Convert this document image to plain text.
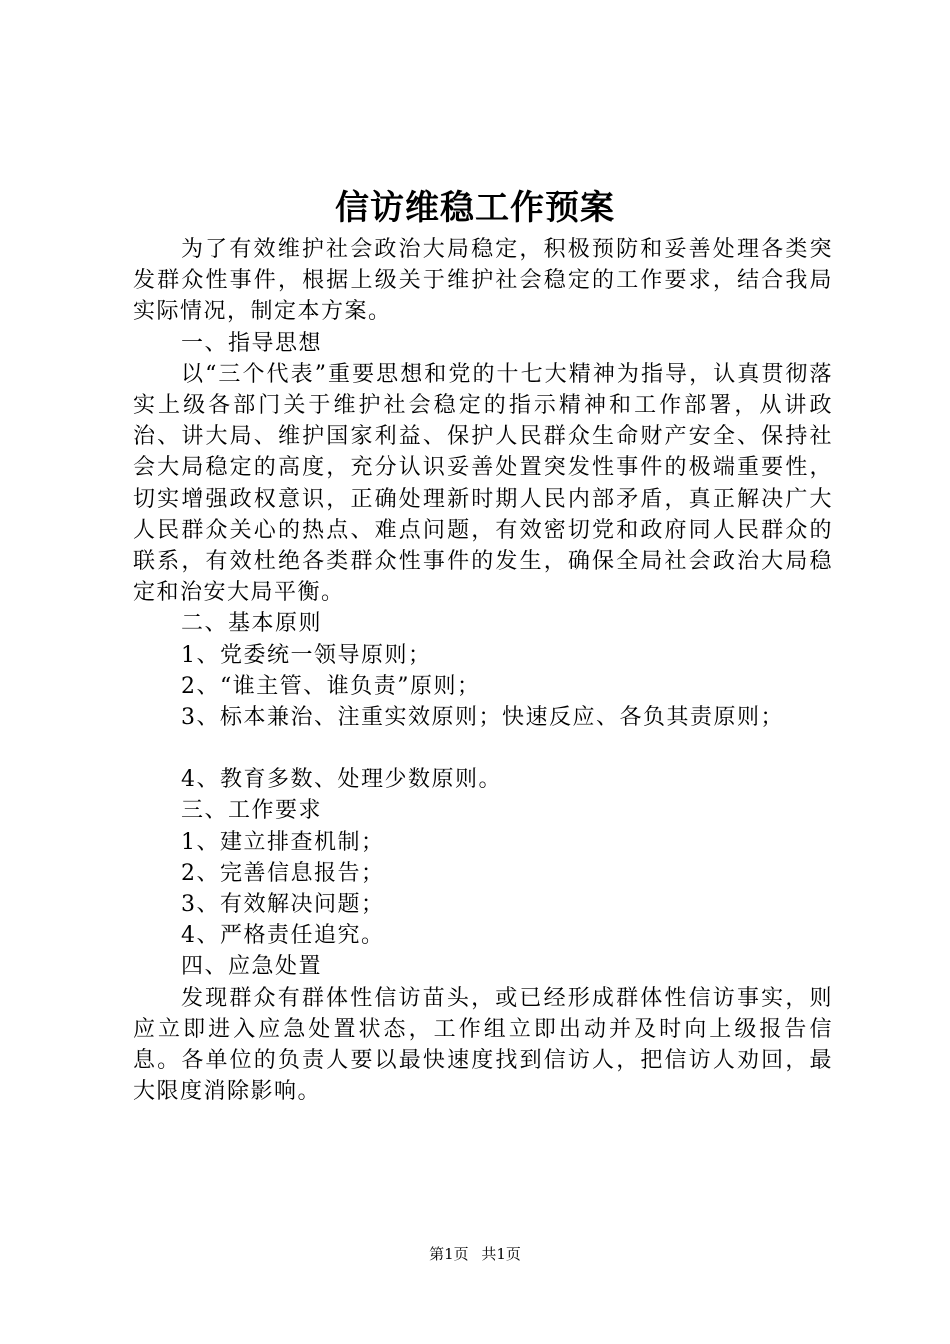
信访维稳工作预案

为了有效维护社会政治大局稳定，积极预防和妥善处理各类突发群众性事件，根据上级关于维护社会稳定的工作要求，结合我局实际情况，制定本方案。

一、指导思想

以“三个代表”重要思想和党的十七大精神为指导，认真贯彻落实上级各部门关于维护社会稳定的指示精神和工作部署，从讲政治、讲大局、维护国家利益、保护人民群众生命财产安全、保持社会大局稳定的高度，充分认识妥善处置突发性事件的极端重要性，切实增强政权意识，正确处理新时期人民内部矛盾，真正解决广大人民群众关心的热点、难点问题，有效密切党和政府同人民群众的联系，有效杜绝各类群众性事件的发生，确保全局社会政治大局稳定和治安大局平衡。

二、基本原则

1、党委统一领导原则；

2、“谁主管、谁负责”原则；

3、标本兼治、注重实效原则；快速反应、各负其责原则；

4、教育多数、处理少数原则。

三、工作要求

1、建立排查机制；

2、完善信息报告；

3、有效解决问题；

4、严格责任追究。

四、应急处置

发现群众有群体性信访苗头，或已经形成群体性信访事实，则应立即进入应急处置状态，工作组立即出动并及时向上级报告信息。各单位的负责人要以最快速度找到信访人，把信访人劝回，最大限度消除影响。

第1页 共1页
